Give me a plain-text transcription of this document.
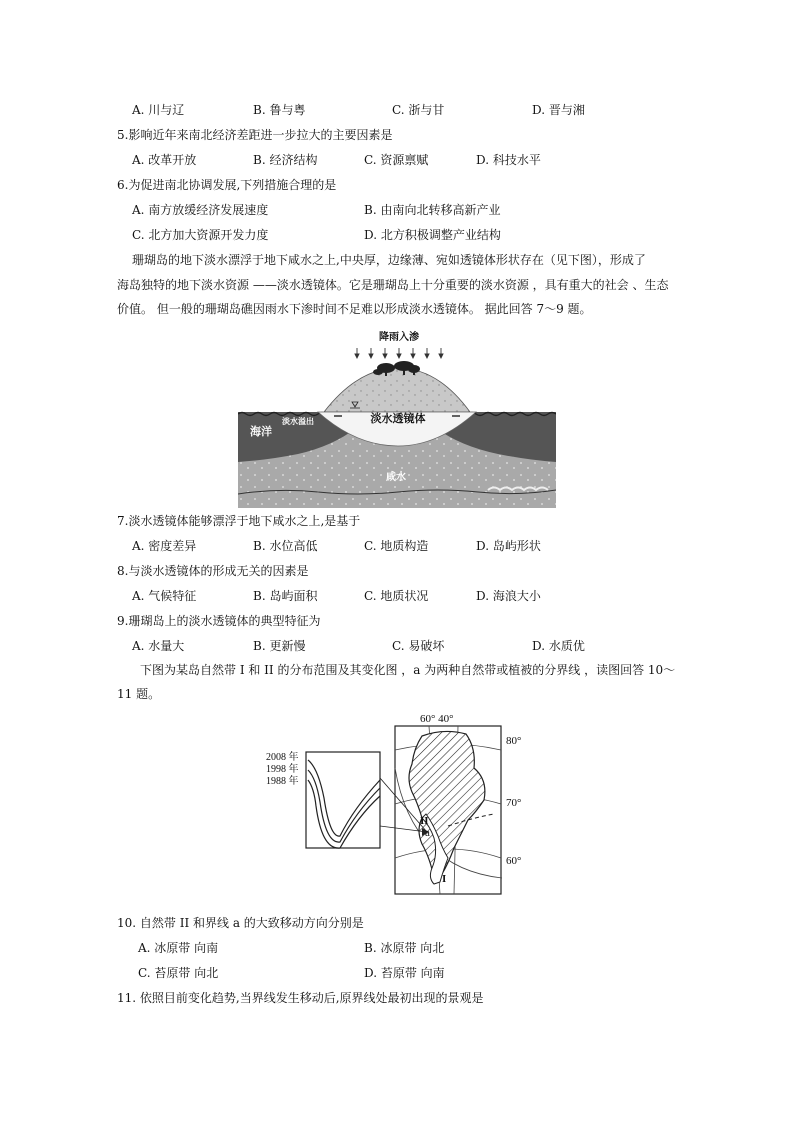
A. 川与辽	B. 鲁与粤	C. 浙与甘	D. 晋与湘
5.影响近年来南北经济差距进一步拉大的主要因素是
A. 改革开放	B. 经济结构	C. 资源禀赋	D. 科技水平
6.为促进南北协调发展,下列措施合理的是
A. 南方放缓经济发展速度	B. 由南向北转移高新产业
C. 北方加大资源开发力度	D. 北方积极调整产业结构
珊瑚岛的地下淡水漂浮于地下咸水之上,中央厚，边缘薄、宛如透镜体形状存在（见下图），形成了
海岛独特的地下淡水资源 ——淡水透镜体。它是珊瑚岛上十分重要的淡水资源 ，具有重大的社会 、生态
价值。 但一般的珊瑚岛礁因雨水下渗时间不足难以形成淡水透镜体。 据此回答 7～9 题。
降雨入渗
海洋
淡水溢出	淡水透镜体
咸水
7.淡水透镜体能够漂浮于地下咸水之上,是基于
A. 密度差异	B. 水位高低	C. 地质构造	D. 岛屿形状
8.与淡水透镜体的形成无关的因素是
A. 气候特征	B. 岛屿面积	C. 地质状况	D. 海浪大小
9.珊瑚岛上的淡水透镜体的典型特征为
A. 水量大	B. 更新慢	C. 易破坏	D. 水质优
下图为某岛自然带 I 和 II 的分布范围及其变化图 ，a 为两种自然带或植被的分界线 ，读图回答 10～
11 题。
2008 年
1998 年
1988 年
60° 40°
80°
70°
60°
II
a
I
10. 自然带 II 和界线 a 的大致移动方向分别是
A. 冰原带 向南	B. 冰原带 向北
C. 苔原带 向北	D. 苔原带 向南
11. 依照目前变化趋势,当界线发生移动后,原界线处最初出现的景观是
